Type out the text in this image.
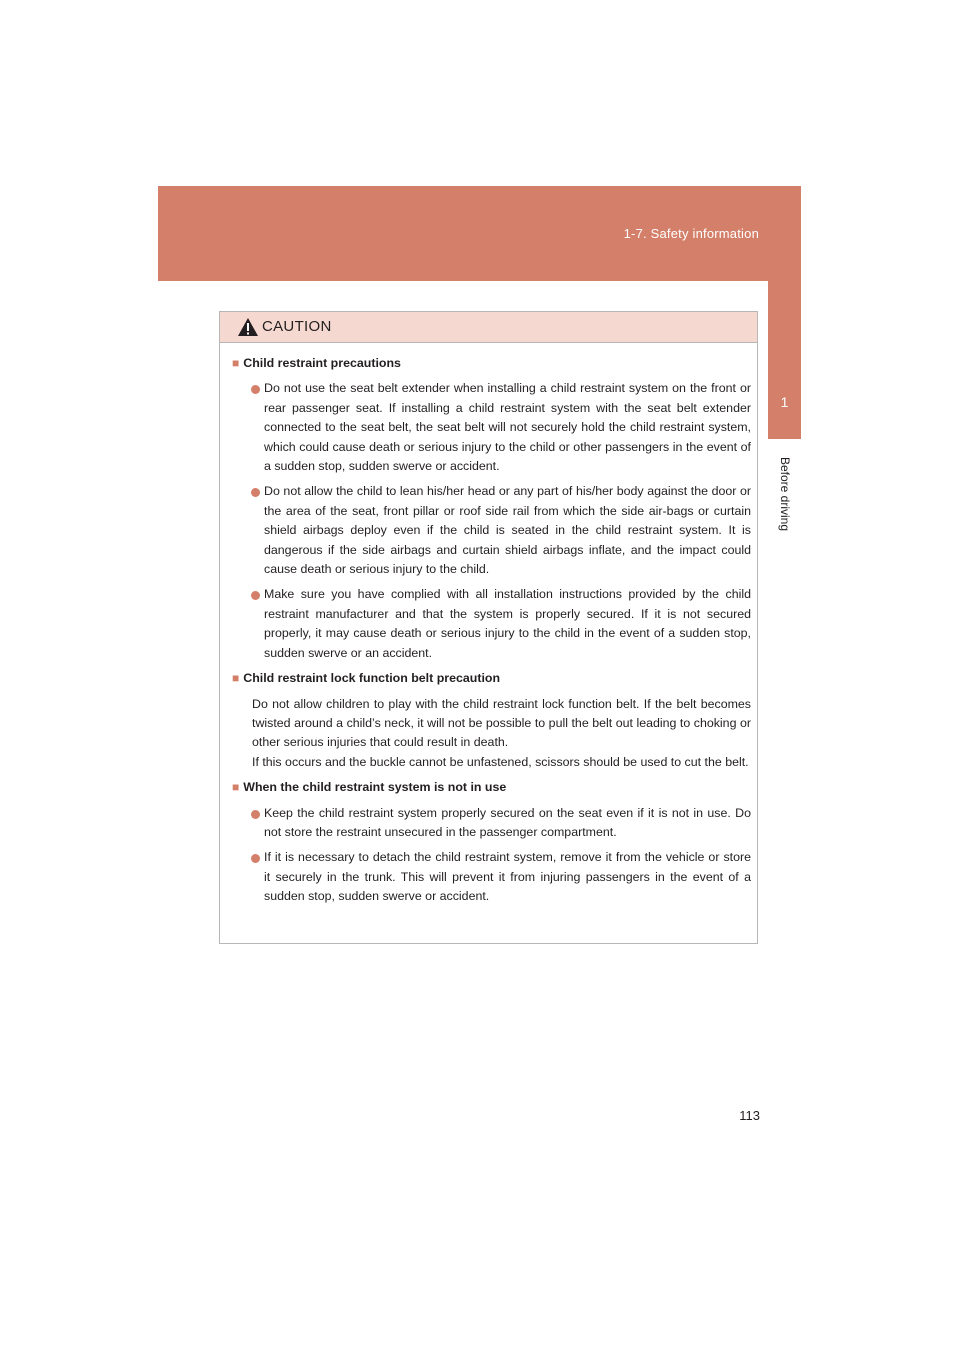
1-7. Safety information
1
Before driving
CAUTION
■ Child restraint precautions
Do not use the seat belt extender when installing a child restraint system on the front or rear passenger seat. If installing a child restraint system with the seat belt extender connected to the seat belt, the seat belt will not securely hold the child restraint system, which could cause death or serious injury to the child or other passengers in the event of a sudden stop, sudden swerve or accident.
Do not allow the child to lean his/her head or any part of his/her body against the door or the area of the seat, front pillar or roof side rail from which the side air-bags or curtain shield airbags deploy even if the child is seated in the child restraint system. It is dangerous if the side airbags and curtain shield airbags inflate, and the impact could cause death or serious injury to the child.
Make sure you have complied with all installation instructions provided by the child restraint manufacturer and that the system is properly secured. If it is not secured properly, it may cause death or serious injury to the child in the event of a sudden stop, sudden swerve or an accident.
■ Child restraint lock function belt precaution

Do not allow children to play with the child restraint lock function belt. If the belt becomes twisted around a child’s neck, it will not be possible to pull the belt out leading to choking or other serious injuries that could result in death.

If this occurs and the buckle cannot be unfastened, scissors should be used to cut the belt.

■ When the child restraint system is not in use
Keep the child restraint system properly secured on the seat even if it is not in use. Do not store the restraint unsecured in the passenger compartment.
If it is necessary to detach the child restraint system, remove it from the vehicle or store it securely in the trunk. This will prevent it from injuring passengers in the event of a sudden stop, sudden swerve or accident.
113
